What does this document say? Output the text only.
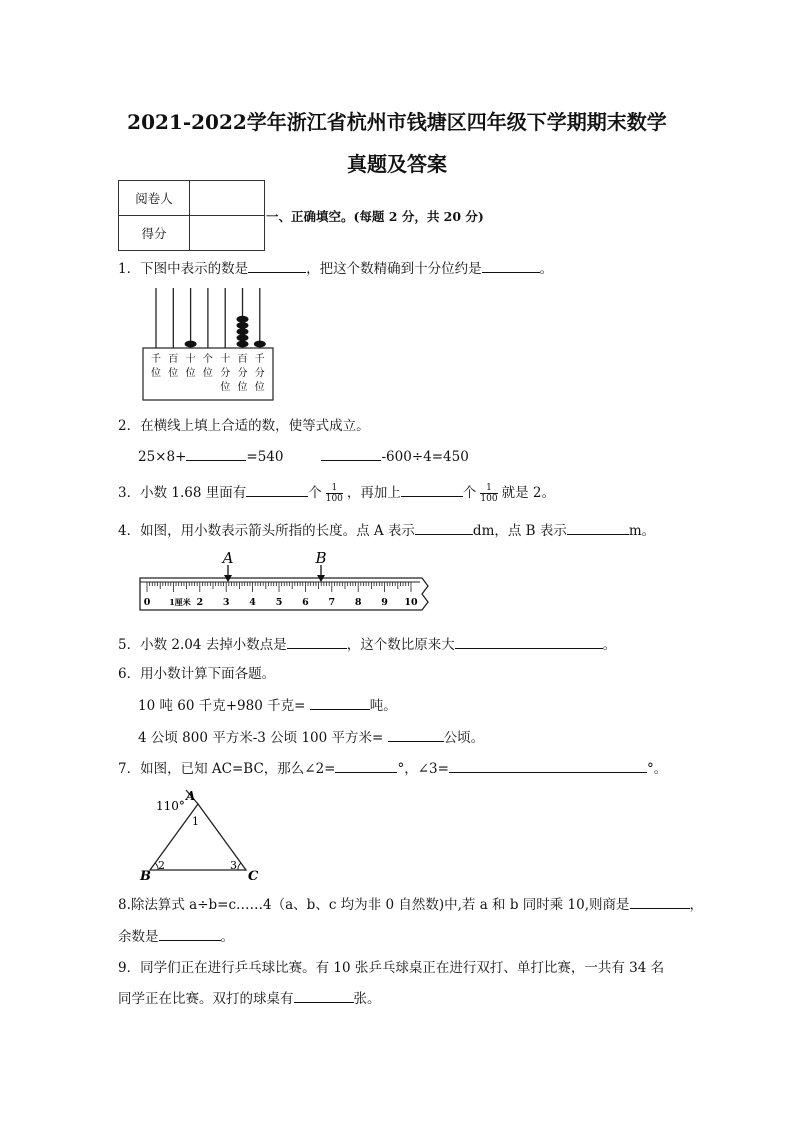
2021-2022学年浙江省杭州市钱塘区四年级下学期期末数学
真题及答案
阅卷人	
得分	
一、正确填空。(每题 2 分，共 20 分)
1．下图中表示的数是	，把这个数精确到十分位约是	。
千位
百位
十位
个位
十分位
百分位
千分位
2．在横线上填上合适的数，使等式成立。
25×8+	=540	-600÷4=450
3．小数 1.68 里面有	个 $\frac{1}{100}$ ，再加上	个 $\frac{1}{100}$ 就是 2。
4．如图，用小数表示箭头所指的长度。点 A 表示	dm，点 B 表示	m。
0	2 3 4 5 6 7 8 9 10
1厘米
A	B
5．小数 2.04 去掉小数点是	，这个数比原来大	。
6．用小数计算下面各题。
10 吨 60 千克+980 千克=	吨。
4 公顷 800 平方米-3 公顷 100 平方米=	公顷。
7．如图，已知 AC=BC，那么∠2=	°，∠3=	°。
110°
A
B	C
1
2	3
8.除法算式 a÷b=c……4（a、b、c 均为非 0 自然数)中,若 a 和 b 同时乘 10,则商是	，
余数是	。
9．同学们正在进行乒乓球比赛。有 10 张乒乓球桌正在进行双打、单打比赛，一共有 34 名
同学正在比赛。双打的球桌有	张。
